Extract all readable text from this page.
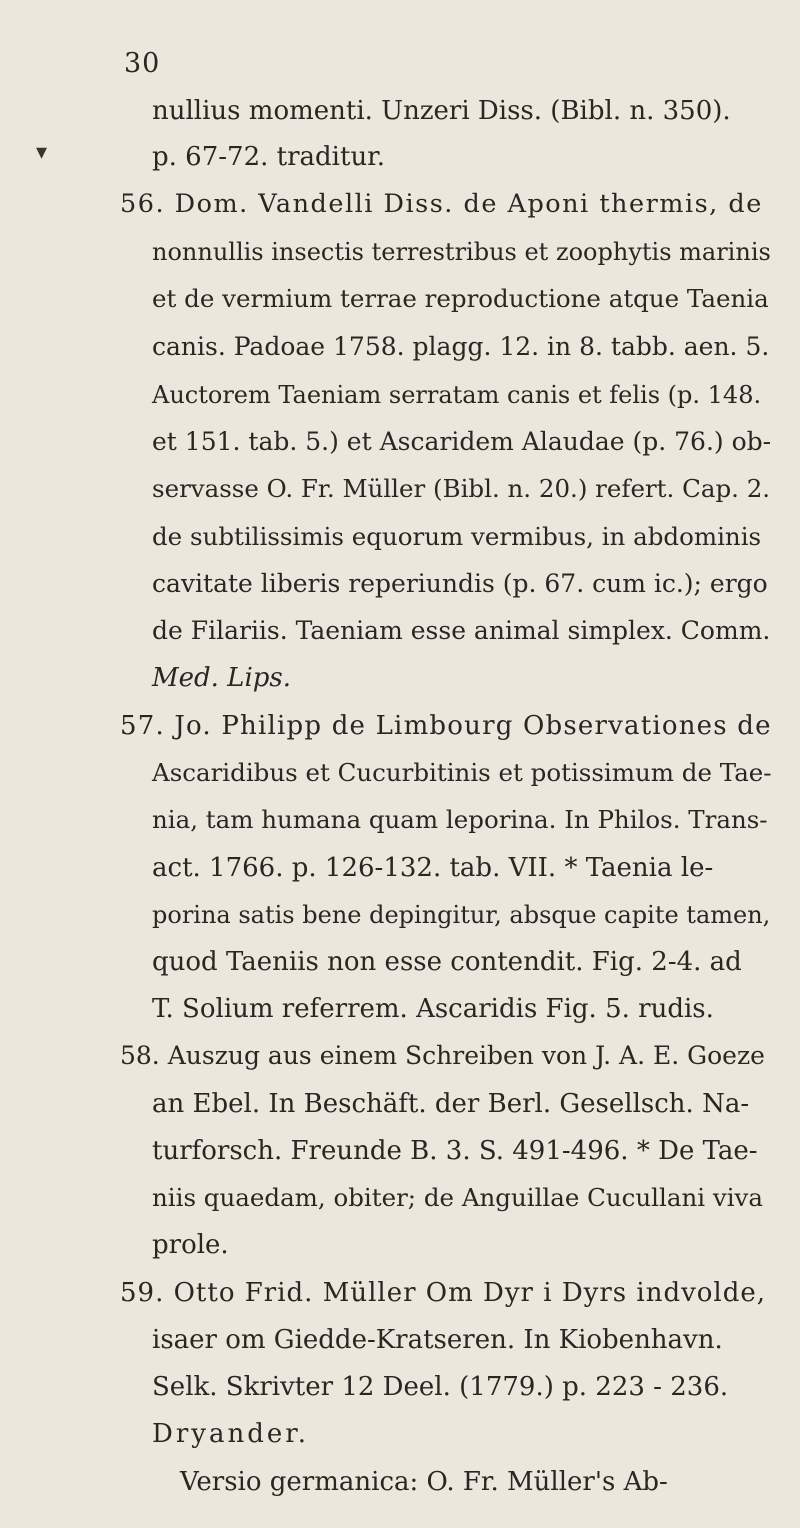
30
nullius momenti. Unzeri Diss. (Bibl. n. 350).
p. 67-72. traditur.
56. Dom. Vandelli Diss. de Aponi thermis, de
nonnullis insectis terrestribus et zoophytis marinis
et de vermium terrae reproductione atque Taenia
canis. Padoae 1758. plagg. 12. in 8. tabb. aen. 5.
Auctorem Taeniam serratam canis et felis (p. 148.
et 151. tab. 5.) et Ascaridem Alaudae (p. 76.) ob-
servasse O. Fr. Müller (Bibl. n. 20.) refert. Cap. 2.
de subtilissimis equorum vermibus, in abdominis
cavitate liberis reperiundis (p. 67. cum ic.); ergo
de Filariis. Taeniam esse animal simplex. Comm.
Med. Lips.
57. Jo. Philipp de Limbourg Observationes de
Ascaridibus et Cucurbitinis et potissimum de Tae-
nia, tam humana quam leporina. In Philos. Trans-
act. 1766. p. 126-132. tab. VII. * Taenia le-
porina satis bene depingitur, absque capite tamen,
quod Taeniis non esse contendit. Fig. 2-4. ad
T. Solium referrem. Ascaridis Fig. 5. rudis.
58. Auszug aus einem Schreiben von J. A. E. Goeze
an Ebel. In Beschäft. der Berl. Gesellsch. Na-
turforsch. Freunde B. 3. S. 491-496. * De Tae-
niis quaedam, obiter; de Anguillae Cucullani viva
prole.
59. Otto Frid. Müller Om Dyr i Dyrs indvolde,
isaer om Giedde-Kratseren. In Kiobenhavn.
Selk. Skrivter 12 Deel. (1779.) p. 223 - 236.
Dryander.
Versio germanica: O. Fr. Müller's Ab-
▾
